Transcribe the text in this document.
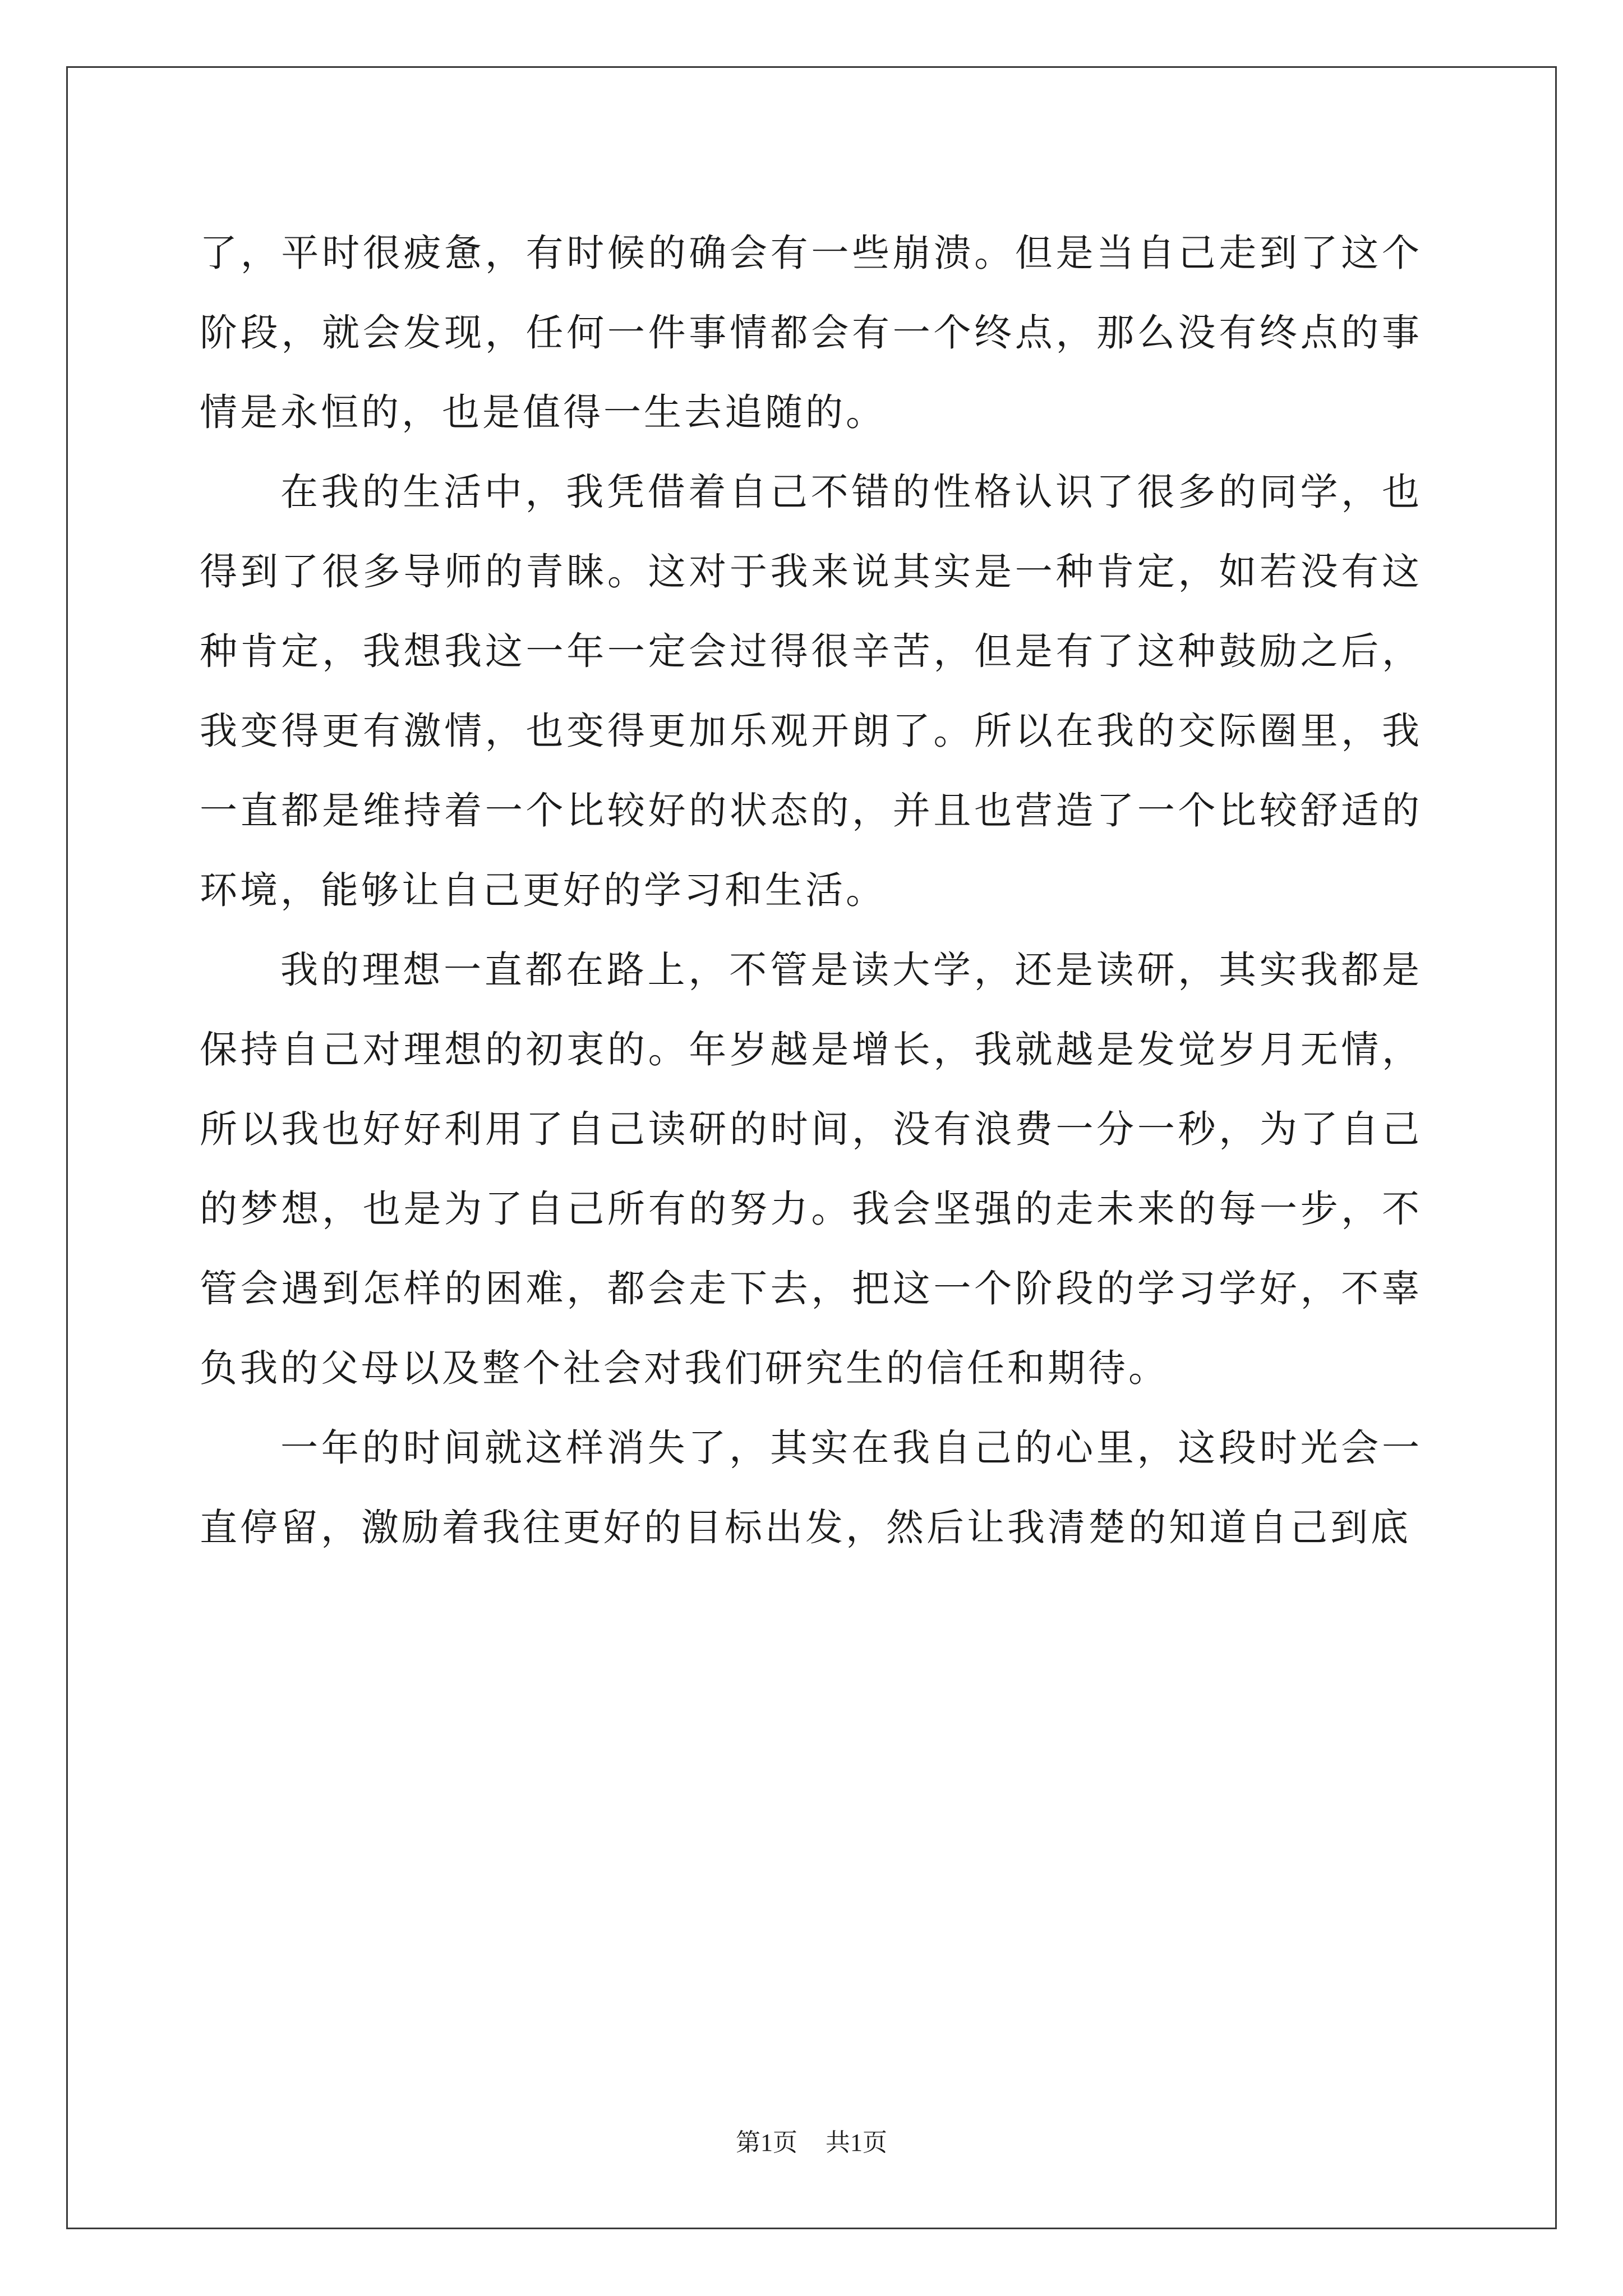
了，平时很疲惫，有时候的确会有一些崩溃。但是当自己走到了这个阶段，就会发现，任何一件事情都会有一个终点，那么没有终点的事情是永恒的，也是值得一生去追随的。

在我的生活中，我凭借着自己不错的性格认识了很多的同学，也得到了很多导师的青睐。这对于我来说其实是一种肯定，如若没有这种肯定，我想我这一年一定会过得很辛苦，但是有了这种鼓励之后，我变得更有激情，也变得更加乐观开朗了。所以在我的交际圈里，我一直都是维持着一个比较好的状态的，并且也营造了一个比较舒适的环境，能够让自己更好的学习和生活。

我的理想一直都在路上，不管是读大学，还是读研，其实我都是保持自己对理想的初衷的。年岁越是增长，我就越是发觉岁月无情，所以我也好好利用了自己读研的时间，没有浪费一分一秒，为了自己的梦想，也是为了自己所有的努力。我会坚强的走未来的每一步，不管会遇到怎样的困难，都会走下去，把这一个阶段的学习学好，不辜负我的父母以及整个社会对我们研究生的信任和期待。

一年的时间就这样消失了，其实在我自己的心里，这段时光会一直停留，激励着我往更好的目标出发，然后让我清楚的知道自己到底

第1页 共1页
